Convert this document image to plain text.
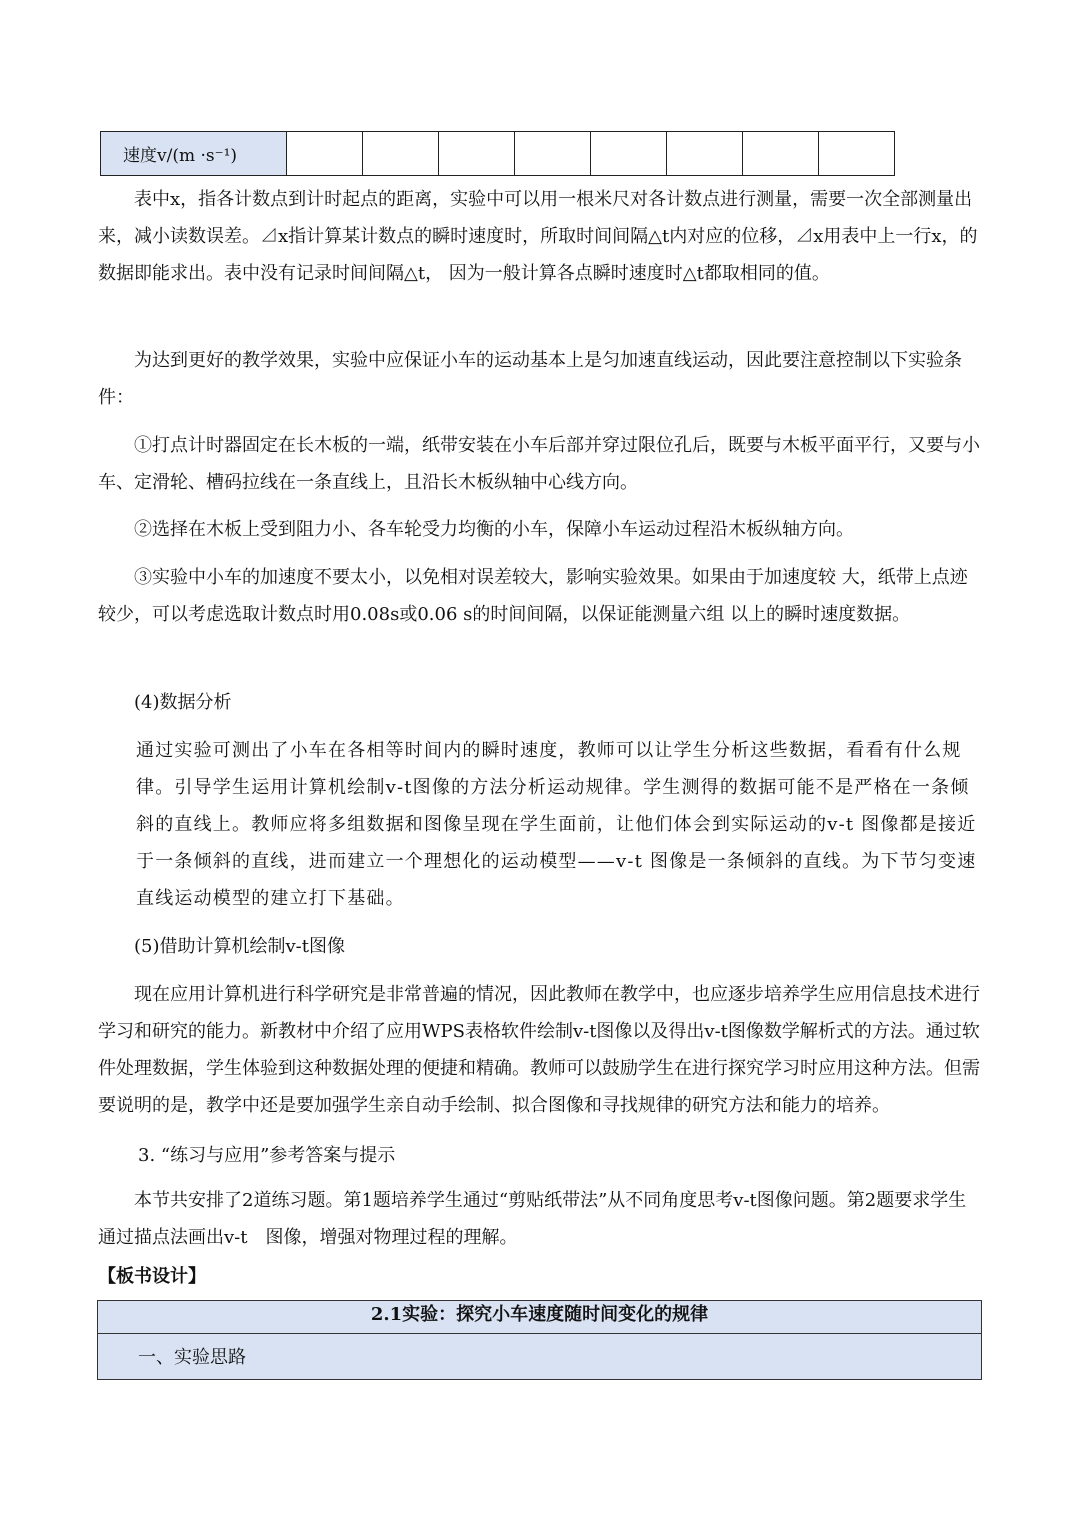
速度v/(m ·s⁻¹)								

表中x，指各计数点到计时起点的距离，实验中可以用一根米尺对各计数点进行测量，需要一次全部测量出来，减小读数误差。⊿x指计算某计数点的瞬时速度时，所取时间间隔△t内对应的位移，⊿x用表中上一行x，的数据即能求出。表中没有记录时间间隔△t， 因为一般计算各点瞬时速度时△t都取相同的值。

为达到更好的教学效果，实验中应保证小车的运动基本上是匀加速直线运动，因此要注意控制以下实验条件：

①打点计时器固定在长木板的一端，纸带安装在小车后部并穿过限位孔后，既要与木板平面平行，又要与小车、定滑轮、槽码拉线在一条直线上，且沿长木板纵轴中心线方向。

②选择在木板上受到阻力小、各车轮受力均衡的小车，保障小车运动过程沿木板纵轴方向。

③实验中小车的加速度不要太小，以免相对误差较大，影响实验效果。如果由于加速度较 大，纸带上点迹较少，可以考虑选取计数点时用0.08s或0.06 s的时间间隔，以保证能测量六组 以上的瞬时速度数据。

(4)数据分析

通过实验可测出了小车在各相等时间内的瞬时速度，教师可以让学生分析这些数据，看看有什么规律。引导学生运用计算机绘制v-t图像的方法分析运动规律。学生测得的数据可能不是严格在一条倾斜的直线上。教师应将多组数据和图像呈现在学生面前，让他们体会到实际运动的v-t 图像都是接近于一条倾斜的直线，进而建立一个理想化的运动模型——v-t 图像是一条倾斜的直线。为下节匀变速直线运动模型的建立打下基础。

(5)借助计算机绘制v-t图像

现在应用计算机进行科学研究是非常普遍的情况，因此教师在教学中，也应逐步培养学生应用信息技术进行学习和研究的能力。新教材中介绍了应用WPS表格软件绘制v-t图像以及得出v-t图像数学解析式的方法。通过软件处理数据，学生体验到这种数据处理的便捷和精确。教师可以鼓励学生在进行探究学习时应用这种方法。但需要说明的是，教学中还是要加强学生亲自动手绘制、拟合图像和寻找规律的研究方法和能力的培养。

3. “练习与应用”参考答案与提示

本节共安排了2道练习题。第1题培养学生通过“剪贴纸带法”从不同角度思考v-t图像问题。第2题要求学生通过描点法画出v-t　图像，增强对物理过程的理解。

【板书设计】

2.1实验：探究小车速度随时间变化的规律
一、实验思路
